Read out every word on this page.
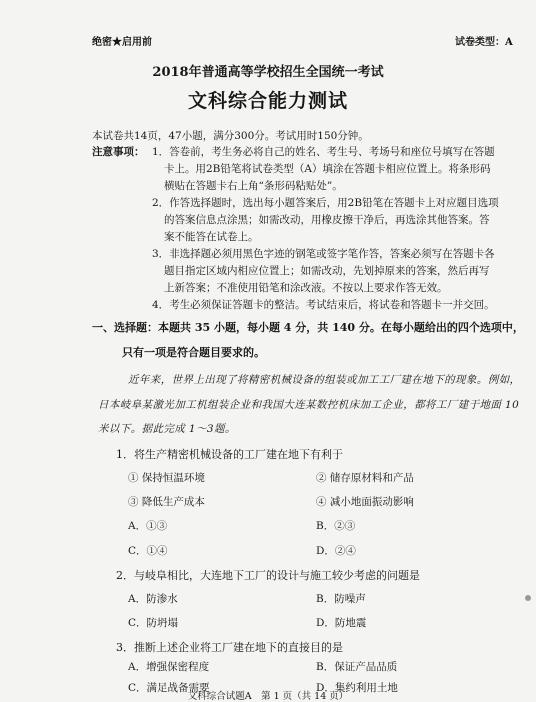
绝密★启用前	试卷类型：A
2018年普通高等学校招生全国统一考试
文科综合能力测试
本试卷共14页，47小题，满分300分。考试用时150分钟。
注意事项： 1．答卷前，考生务必将自己的姓名、考生号、考场号和座位号填写在答题
卡上。用2B铅笔将试卷类型（A）填涂在答题卡相应位置上。将条形码
横贴在答题卡右上角“条形码粘贴处”。
2．作答选择题时，选出每小题答案后，用2B铅笔在答题卡上对应题目选项
的答案信息点涂黑；如需改动，用橡皮擦干净后，再选涂其他答案。答
案不能答在试卷上。
3．非选择题必须用黑色字迹的钢笔或签字笔作答，答案必须写在答题卡各
题目指定区域内相应位置上；如需改动，先划掉原来的答案，然后再写
上新答案；不准使用铅笔和涂改液。不按以上要求作答无效。
4．考生必须保证答题卡的整洁。考试结束后，将试卷和答题卡一并交回。
一、选择题：本题共 35 小题，每小题 4 分，共 140 分。在每小题给出的四个选项中，
只有一项是符合题目要求的。
近年来，世界上出现了将精密机械设备的组装或加工工厂建在地下的现象。例如，
日本岐阜某激光加工机组装企业和我国大连某数控机床加工企业，都将工厂建于地面 10
米以下。据此完成 1～3题。
1．将生产精密机械设备的工厂建在地下有利于
① 保持恒温环境	② 储存原材料和产品
③ 降低生产成本	④ 减小地面振动影响
A．①③	B．②③
C．①④	D．②④
2．与岐阜相比，大连地下工厂的设计与施工较少考虑的问题是
A．防渗水	B．防噪声
C．防坍塌	D．防地震
3．推断上述企业将工厂建在地下的直接目的是
A．增强保密程度	B．保证产品品质
C．满足战备需要	D．集约利用土地
文科综合试题A　第 1 页（共 14 页）
